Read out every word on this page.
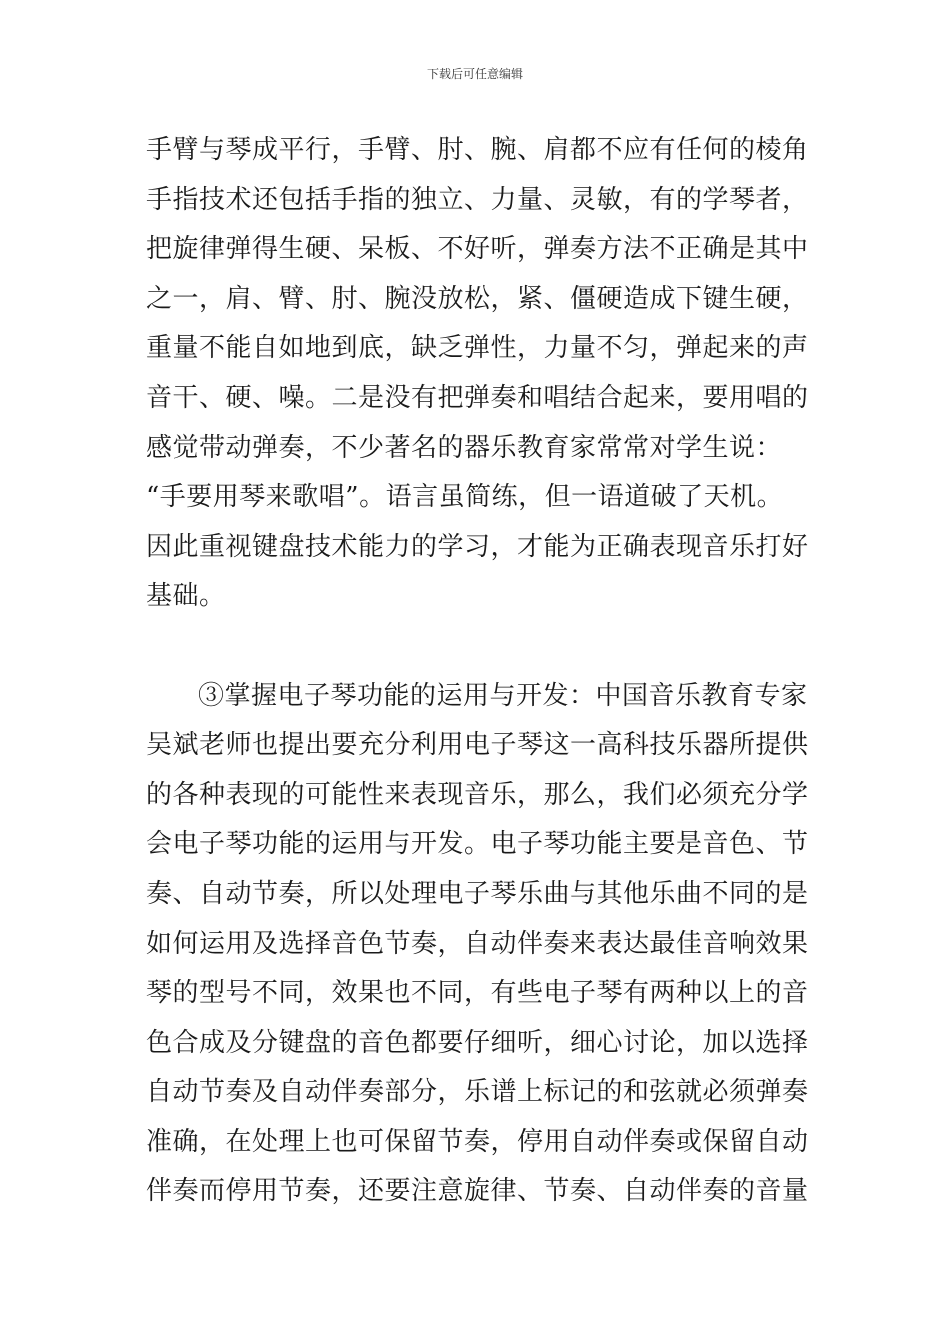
下载后可任意编辑
手臂与琴成平行，手臂、肘、腕、肩都不应有任何的棱角
手指技术还包括手指的独立、力量、灵敏，有的学琴者，
把旋律弹得生硬、呆板、不好听，弹奏方法不正确是其中
之一，肩、臂、肘、腕没放松，紧、僵硬造成下键生硬，
重量不能自如地到底，缺乏弹性，力量不匀，弹起来的声
音干、硬、噪。二是没有把弹奏和唱结合起来，要用唱的
感觉带动弹奏，不少著名的器乐教育家常常对学生说：
“手要用琴来歌唱”。语言虽简练，但一语道破了天机。
因此重视键盘技术能力的学习，才能为正确表现音乐打好
基础。
③掌握电子琴功能的运用与开发：中国音乐教育专家
吴斌老师也提出要充分利用电子琴这一高科技乐器所提供
的各种表现的可能性来表现音乐，那么，我们必须充分学
会电子琴功能的运用与开发。电子琴功能主要是音色、节
奏、自动节奏，所以处理电子琴乐曲与其他乐曲不同的是
如何运用及选择音色节奏，自动伴奏来表达最佳音响效果
琴的型号不同，效果也不同，有些电子琴有两种以上的音
色合成及分键盘的音色都要仔细听，细心讨论，加以选择
自动节奏及自动伴奏部分，乐谱上标记的和弦就必须弹奏
准确，在处理上也可保留节奏，停用自动伴奏或保留自动
伴奏而停用节奏，还要注意旋律、节奏、自动伴奏的音量
